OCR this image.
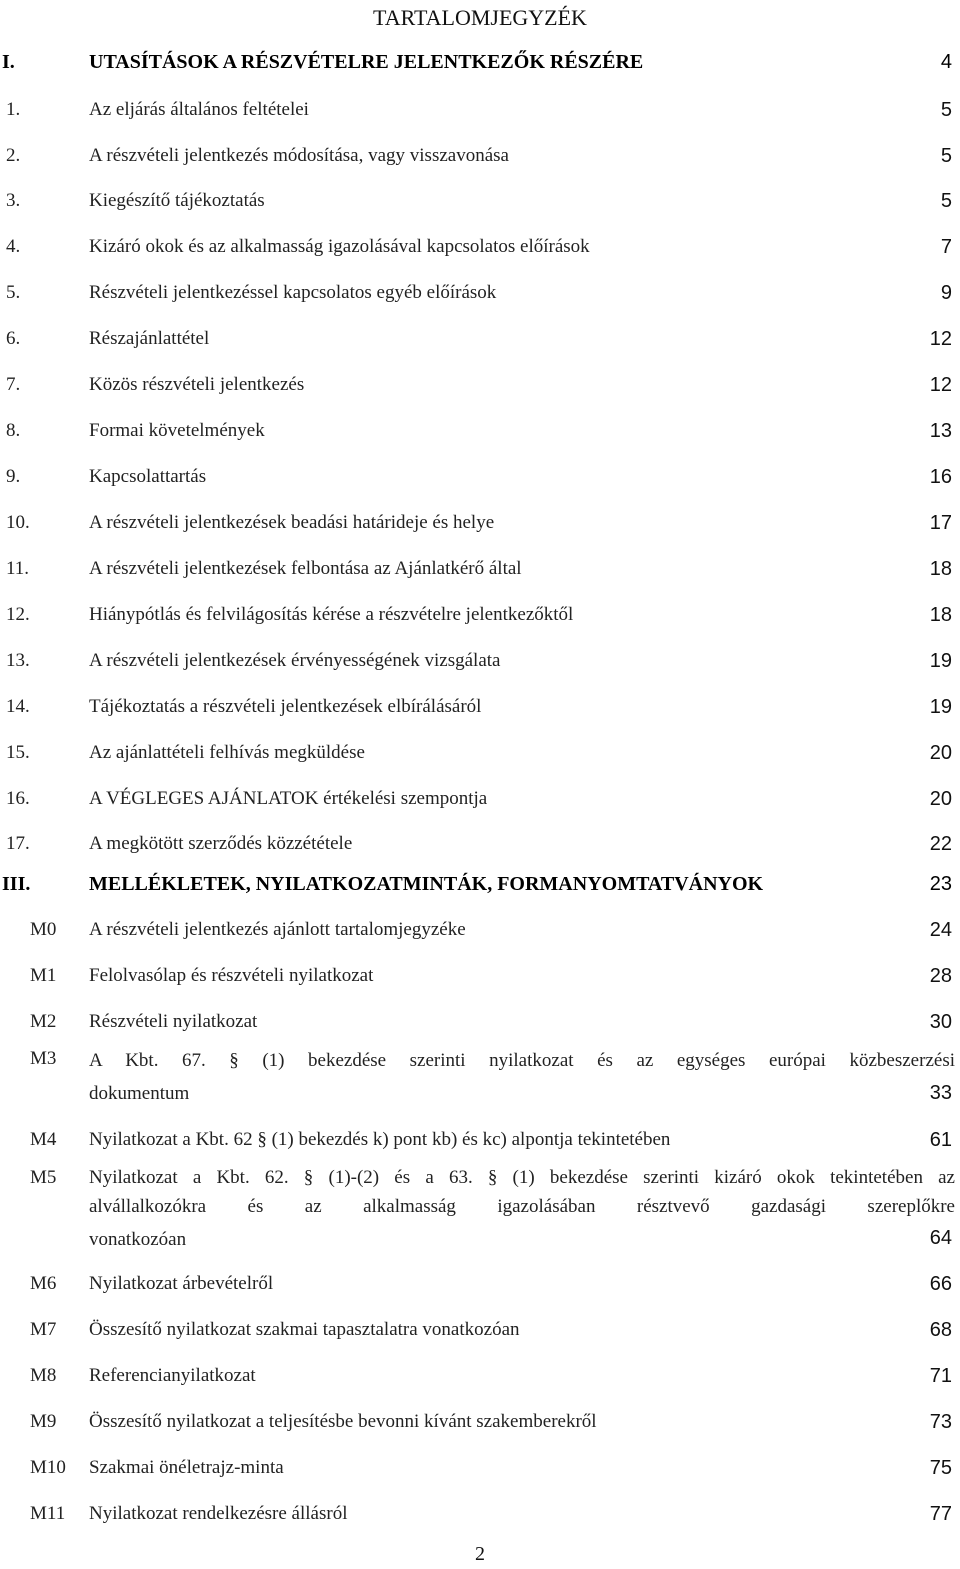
TARTALOMJEGYZÉK
I.	UTASÍTÁSOK A RÉSZVÉTELRE JELENTKEZŐK RÉSZÉRE	4
1.	Az eljárás általános feltételei	5
2.	A részvételi jelentkezés módosítása, vagy visszavonása	5
3.	Kiegészítő tájékoztatás	5
4.	Kizáró okok és az alkalmasság igazolásával kapcsolatos előírások	7
5.	Részvételi jelentkezéssel kapcsolatos egyéb előírások	9
6.	Részajánlattétel	12
7.	Közös részvételi jelentkezés	12
8.	Formai követelmények	13
9.	Kapcsolattartás	16
10.	A részvételi jelentkezések beadási határideje és helye	17
11.	A részvételi jelentkezések felbontása az Ajánlatkérő által	18
12.	Hiánypótlás és felvilágosítás kérése a részvételre jelentkezőktől	18
13.	A részvételi jelentkezések érvényességének vizsgálata	19
14.	Tájékoztatás a részvételi jelentkezések elbírálásáról	19
15.	Az ajánlattételi felhívás megküldése	20
16.	A VÉGLEGES AJÁNLATOK értékelési szempontja	20
17.	A megkötött szerződés közzététele	22
III.	MELLÉKLETEK, NYILATKOZATMINTÁK, FORMANYOMTATVÁNYOK	23
M0	A részvételi jelentkezés ajánlott tartalomjegyzéke	24
M1	Felolvasólap és részvételi nyilatkozat	28
M2	Részvételi nyilatkozat	30
M3	A Kbt. 67. § (1) bekezdése szerinti nyilatkozat és az egységes európai közbeszerzési
dokumentum	33
M4	Nyilatkozat a Kbt. 62 § (1) bekezdés k) pont kb) és kc) alpontja tekintetében	61
M5	Nyilatkozat a Kbt. 62. § (1)-(2) és a 63. § (1) bekezdése szerinti kizáró okok tekintetében az
alvállalkozókra és az alkalmasság igazolásában résztvevő gazdasági szereplőkre
vonatkozóan	64
M6	Nyilatkozat árbevételről	66
M7	Összesítő nyilatkozat szakmai tapasztalatra vonatkozóan	68
M8	Referencianyilatkozat	71
M9	Összesítő nyilatkozat a teljesítésbe bevonni kívánt szakemberekről	73
M10	Szakmai önéletrajz-minta	75
M11	Nyilatkozat rendelkezésre állásról	77
2
